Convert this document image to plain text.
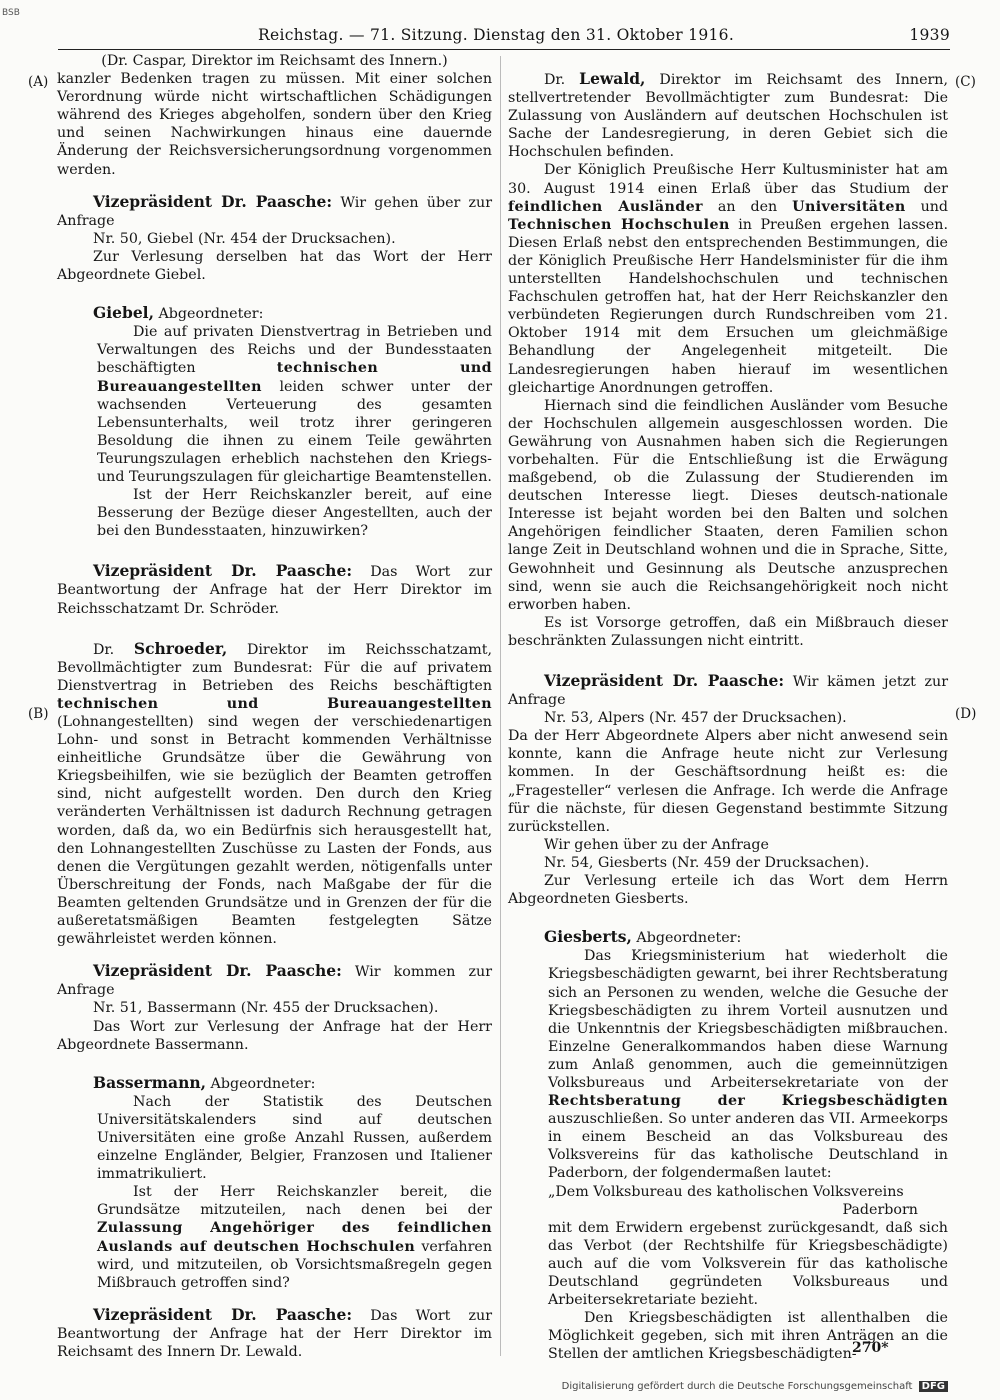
BSB
Reichstag. — 71. Sitzung. Dienstag den 31. Oktober 1916.	1939
(A)
(B)
(C)
(D)

(Dr. Caspar, Direktor im Reichsamt des Innern.)

kanzler Bedenken tragen zu müssen. Mit einer solchen Verordnung würde nicht wirtschaftlichen Schädigungen während des Krieges abgeholfen, sondern über den Krieg und seinen Nachwirkungen hinaus eine dauernde Änderung der Reichsversicherungsordnung vorgenommen werden.

Vizepräsident Dr. Paasche: Wir gehen über zur Anfrage

Nr. 50, Giebel (Nr. 454 der Drucksachen).

Zur Verlesung derselben hat das Wort der Herr Abgeordnete Giebel.

Giebel, Abgeordneter:

Die auf privaten Dienstvertrag in Betrieben und Verwaltungen des Reichs und der Bundesstaaten beschäftigten	technischen und Bureauangestellten leiden schwer unter der wachsenden Verteuerung des gesamten Lebensunterhalts, weil trotz ihrer geringeren Besoldung die ihnen zu einem Teile gewährten Teurungszulagen erheblich nachstehen den Kriegs- und Teurungszulagen für gleichartige Beamtenstellen.

Ist der Herr Reichskanzler bereit, auf eine Besserung der Bezüge dieser Angestellten, auch der bei den Bundesstaaten, hinzuwirken?

Vizepräsident Dr. Paasche: Das Wort zur Beantwortung der Anfrage hat der Herr Direktor im Reichsschatzamt Dr. Schröder.

Dr. Schroeder, Direktor im Reichsschatzamt, Bevollmächtigter zum Bundesrat: Für die auf privatem Dienstvertrag in Betrieben des Reichs beschäftigten technischen und Bureauangestellten (Lohnangestellten) sind wegen der verschiedenartigen Lohn- und sonst in Betracht kommenden Verhältnisse einheitliche Grundsätze über die Gewährung von Kriegsbeihilfen, wie sie bezüglich der Beamten getroffen sind, nicht aufgestellt worden. Den durch den Krieg veränderten Verhältnissen ist dadurch Rechnung getragen worden, daß da, wo ein Bedürfnis sich herausgestellt hat, den Lohnangestellten Zuschüsse zu Lasten der Fonds, aus denen die Vergütungen gezahlt werden, nötigenfalls unter Überschreitung der Fonds, nach Maßgabe der für die Beamten geltenden Grundsätze und in Grenzen der für die außeretatsmäßigen Beamten festgelegten Sätze gewährleistet werden können.

Vizepräsident Dr. Paasche: Wir kommen zur Anfrage

Nr. 51, Bassermann (Nr. 455 der Drucksachen).

Das Wort zur Verlesung der Anfrage hat der Herr Abgeordnete Bassermann.

Bassermann, Abgeordneter:

Nach der Statistik des Deutschen Universitätskalenders sind auf deutschen Universitäten eine große Anzahl Russen, außerdem einzelne Engländer, Belgier, Franzosen und Italiener immatrikuliert.

Ist der Herr Reichskanzler bereit, die Grundsätze mitzuteilen, nach denen bei der Zulassung Angehöriger des feindlichen Auslands auf deutschen Hochschulen verfahren wird, und mitzuteilen, ob Vorsichtsmaßregeln gegen Mißbrauch getroffen sind?

Vizepräsident Dr. Paasche: Das Wort zur Beantwortung der Anfrage hat der Herr Direktor im Reichsamt des Innern Dr. Lewald.

Dr. Lewald, Direktor im Reichsamt des Innern, stellvertretender Bevollmächtigter zum Bundesrat: Die Zulassung von Ausländern auf deutschen Hochschulen ist Sache der Landesregierung, in deren Gebiet sich die Hochschulen befinden.

Der Königlich Preußische Herr Kultusminister hat am 30. August 1914 einen Erlaß über das Studium der feindlichen Ausländer an den Universitäten und Technischen Hochschulen in Preußen ergehen lassen. Diesen Erlaß nebst den entsprechenden Bestimmungen, die der Königlich Preußische Herr Handelsminister für die ihm unterstellten Handelshochschulen und technischen Fachschulen getroffen hat, hat der Herr Reichskanzler den verbündeten Regierungen durch Rundschreiben vom 21. Oktober 1914 mit dem Ersuchen um gleichmäßige Behandlung der Angelegenheit mitgeteilt. Die Landesregierungen haben hierauf im wesentlichen gleichartige Anordnungen getroffen.

Hiernach sind die feindlichen Ausländer vom Besuche der Hochschulen allgemein ausgeschlossen worden. Die Gewährung von Ausnahmen haben sich die Regierungen vorbehalten. Für die Entschließung ist die Erwägung maßgebend, ob die Zulassung der Studierenden im deutschen Interesse liegt. Dieses deutsch-nationale Interesse ist bejaht worden bei den Balten und solchen Angehörigen feindlicher Staaten, deren Familien schon lange Zeit in Deutschland wohnen und die in Sprache, Sitte, Gewohnheit und Gesinnung als Deutsche anzusprechen sind, wenn sie auch die Reichsangehörigkeit noch nicht erworben haben.

Es ist Vorsorge getroffen, daß ein Mißbrauch dieser beschränkten Zulassungen nicht eintritt.

Vizepräsident Dr. Paasche: Wir kämen jetzt zur Anfrage

Nr. 53, Alpers (Nr. 457 der Drucksachen).

Da der Herr Abgeordnete Alpers aber nicht anwesend sein konnte, kann die Anfrage heute nicht zur Verlesung kommen. In der Geschäftsordnung heißt es: die „Fragesteller“ verlesen die Anfrage. Ich werde die Anfrage für die nächste, für diesen Gegenstand bestimmte Sitzung zurückstellen.

Wir gehen über zu der Anfrage

Nr. 54, Giesberts (Nr. 459 der Drucksachen).

Zur Verlesung erteile ich das Wort dem Herrn Abgeordneten Giesberts.

Giesberts, Abgeordneter:

Das Kriegsministerium hat wiederholt die Kriegsbeschädigten gewarnt, bei ihrer Rechtsberatung sich an Personen zu wenden, welche die Gesuche der Kriegsbeschädigten zu ihrem Vorteil ausnutzen und die Unkenntnis der Kriegsbeschädigten mißbrauchen. Einzelne Generalkommandos haben diese Warnung zum Anlaß genommen, auch die gemeinnützigen Volksbureaus und Arbeitersekretariate von der Rechtsberatung der Kriegsbeschädigten auszuschließen. So unter anderen das VII. Armeekorps in einem Bescheid an das Volksbureau des Volksvereins für das katholische Deutschland in Paderborn, der folgendermaßen lautet:

„Dem Volksbureau des katholischen Volksvereins

Paderborn

mit dem Erwidern ergebenst zurückgesandt, daß sich das Verbot (der Rechtshilfe für Kriegsbeschädigte) auch auf die vom Volksverein für das katholische Deutschland gegründeten Volksbureaus und Arbeitersekretariate bezieht.

Den Kriegsbeschädigten ist allenthalben die Möglichkeit gegeben, sich mit ihren Anträgen an die Stellen der amtlichen Kriegsbeschädigten-

270*
Digitalisierung gefördert durch die Deutsche Forschungsgemeinschaft DFG
